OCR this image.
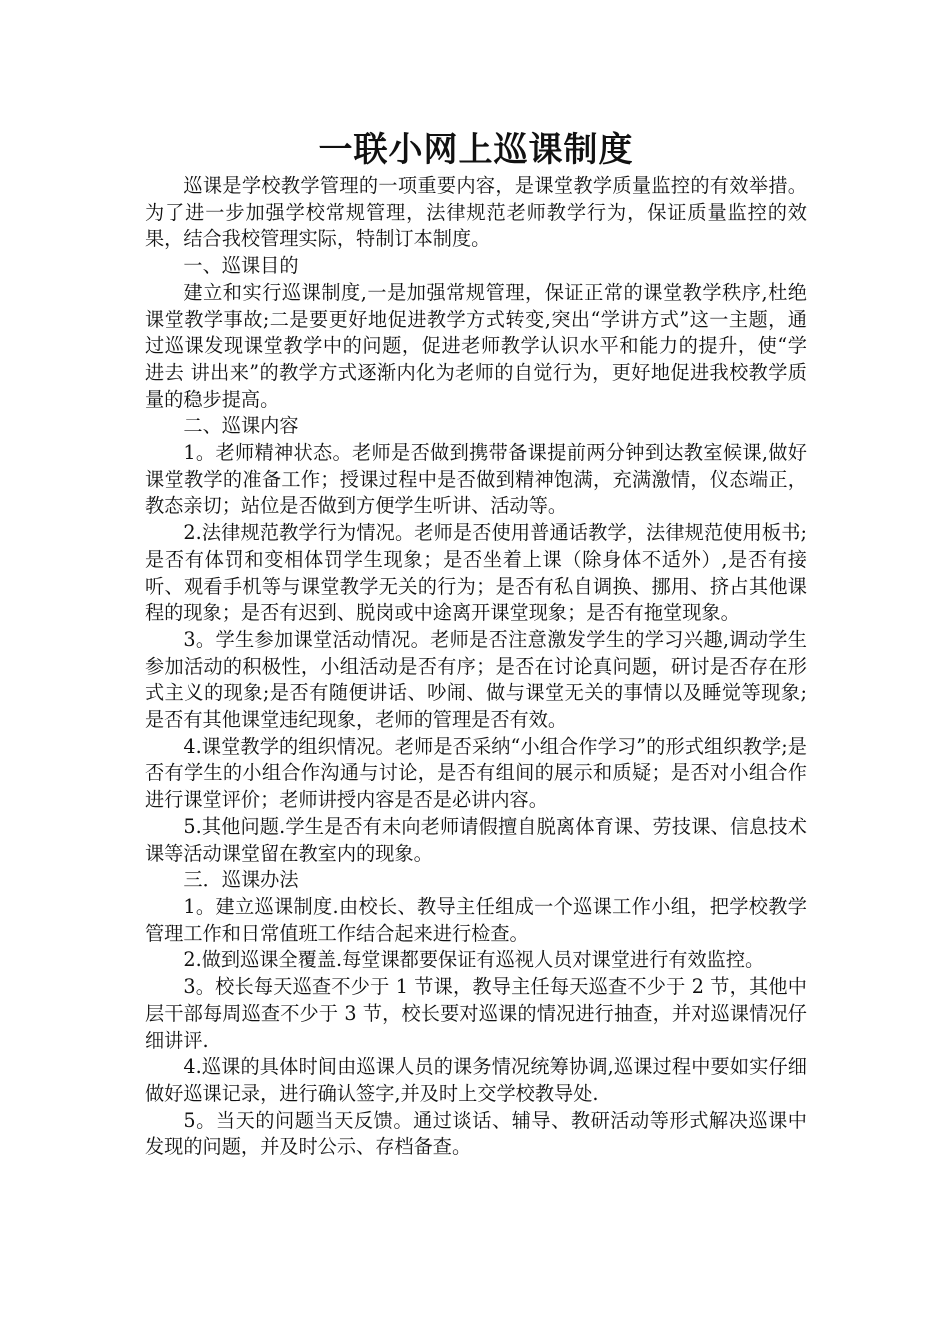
一联小网上巡课制度

巡课是学校教学管理的一项重要内容，是课堂教学质量监控的有效举措。为了进一步加强学校常规管理，法律规范老师教学行为，保证质量监控的效果，结合我校管理实际，特制订本制度。

一、巡课目的

建立和实行巡课制度,一是加强常规管理，保证正常的课堂教学秩序,杜绝课堂教学事故;二是要更好地促进教学方式转变,突出“学讲方式”这一主题，通过巡课发现课堂教学中的问题，促进老师教学认识水平和能力的提升，使“学进去 讲出来”的教学方式逐渐内化为老师的自觉行为，更好地促进我校教学质量的稳步提高。

二、巡课内容

1。老师精神状态。老师是否做到携带备课提前两分钟到达教室候课,做好课堂教学的准备工作；授课过程中是否做到精神饱满，充满激情，仪态端正，教态亲切；站位是否做到方便学生听讲、活动等。

2.法律规范教学行为情况。老师是否使用普通话教学，法律规范使用板书;是否有体罚和变相体罚学生现象；是否坐着上课（除身体不适外）,是否有接听、观看手机等与课堂教学无关的行为；是否有私自调换、挪用、挤占其他课程的现象；是否有迟到、脱岗或中途离开课堂现象；是否有拖堂现象。

3。学生参加课堂活动情况。老师是否注意激发学生的学习兴趣,调动学生参加活动的积极性，小组活动是否有序；是否在讨论真问题，研讨是否存在形式主义的现象;是否有随便讲话、吵闹、做与课堂无关的事情以及睡觉等现象;是否有其他课堂违纪现象，老师的管理是否有效。

4.课堂教学的组织情况。老师是否采纳“小组合作学习”的形式组织教学;是否有学生的小组合作沟通与讨论，是否有组间的展示和质疑；是否对小组合作进行课堂评价；老师讲授内容是否是必讲内容。

5.其他问题.学生是否有未向老师请假擅自脱离体育课、劳技课、信息技术课等活动课堂留在教室内的现象。

三．巡课办法

1。建立巡课制度.由校长、教导主任组成一个巡课工作小组，把学校教学管理工作和日常值班工作结合起来进行检查。

2.做到巡课全覆盖.每堂课都要保证有巡视人员对课堂进行有效监控。

3。校长每天巡查不少于 1 节课，教导主任每天巡查不少于 2 节，其他中层干部每周巡查不少于 3 节，校长要对巡课的情况进行抽查，并对巡课情况仔细讲评.

4.巡课的具体时间由巡课人员的课务情况统筹协调,巡课过程中要如实仔细做好巡课记录，进行确认签字,并及时上交学校教导处.

5。当天的问题当天反馈。通过谈话、辅导、教研活动等形式解决巡课中发现的问题，并及时公示、存档备查。
